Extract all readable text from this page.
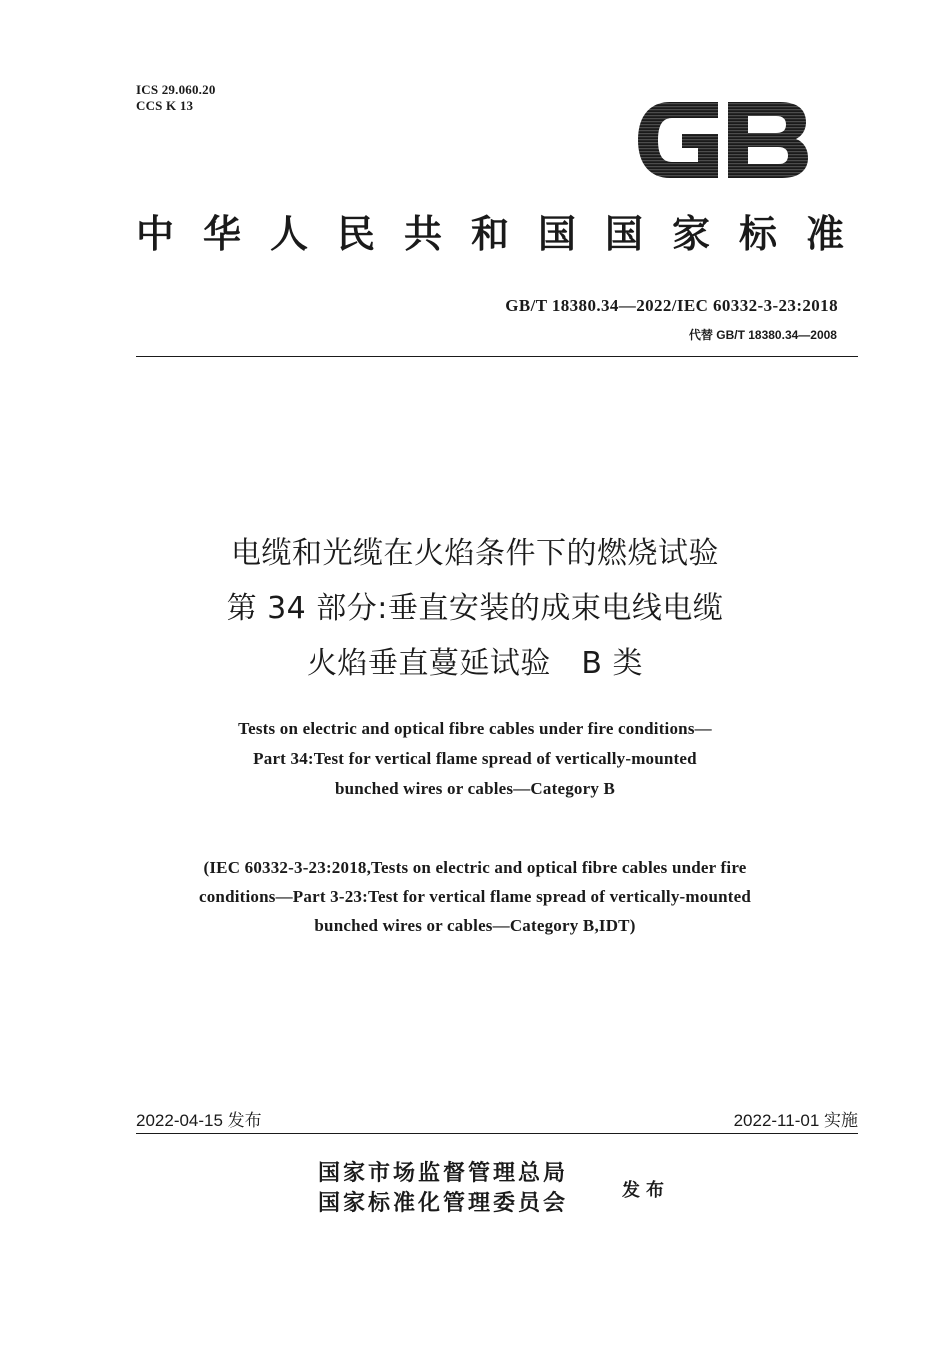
ICS 29.060.20
CCS K 13
中华人民共和国国家标准
GB/T 18380.34—2022/IEC 60332-3-23:2018
代替 GB/T 18380.34—2008
电缆和光缆在火焰条件下的燃烧试验
第 34 部分:垂直安装的成束电线电缆
火焰垂直蔓延试验　B 类
Tests on electric and optical fibre cables under fire conditions—
Part 34:Test for vertical flame spread of vertically-mounted
bunched wires or cables—Category B
(IEC 60332-3-23:2018,Tests on electric and optical fibre cables under fire
conditions—Part 3-23:Test for vertical flame spread of vertically-mounted
bunched wires or cables—Category B,IDT)
2022-04-15 发布	2022-11-01 实施
国家市场监督管理总局
国家标准化管理委员会	发布
